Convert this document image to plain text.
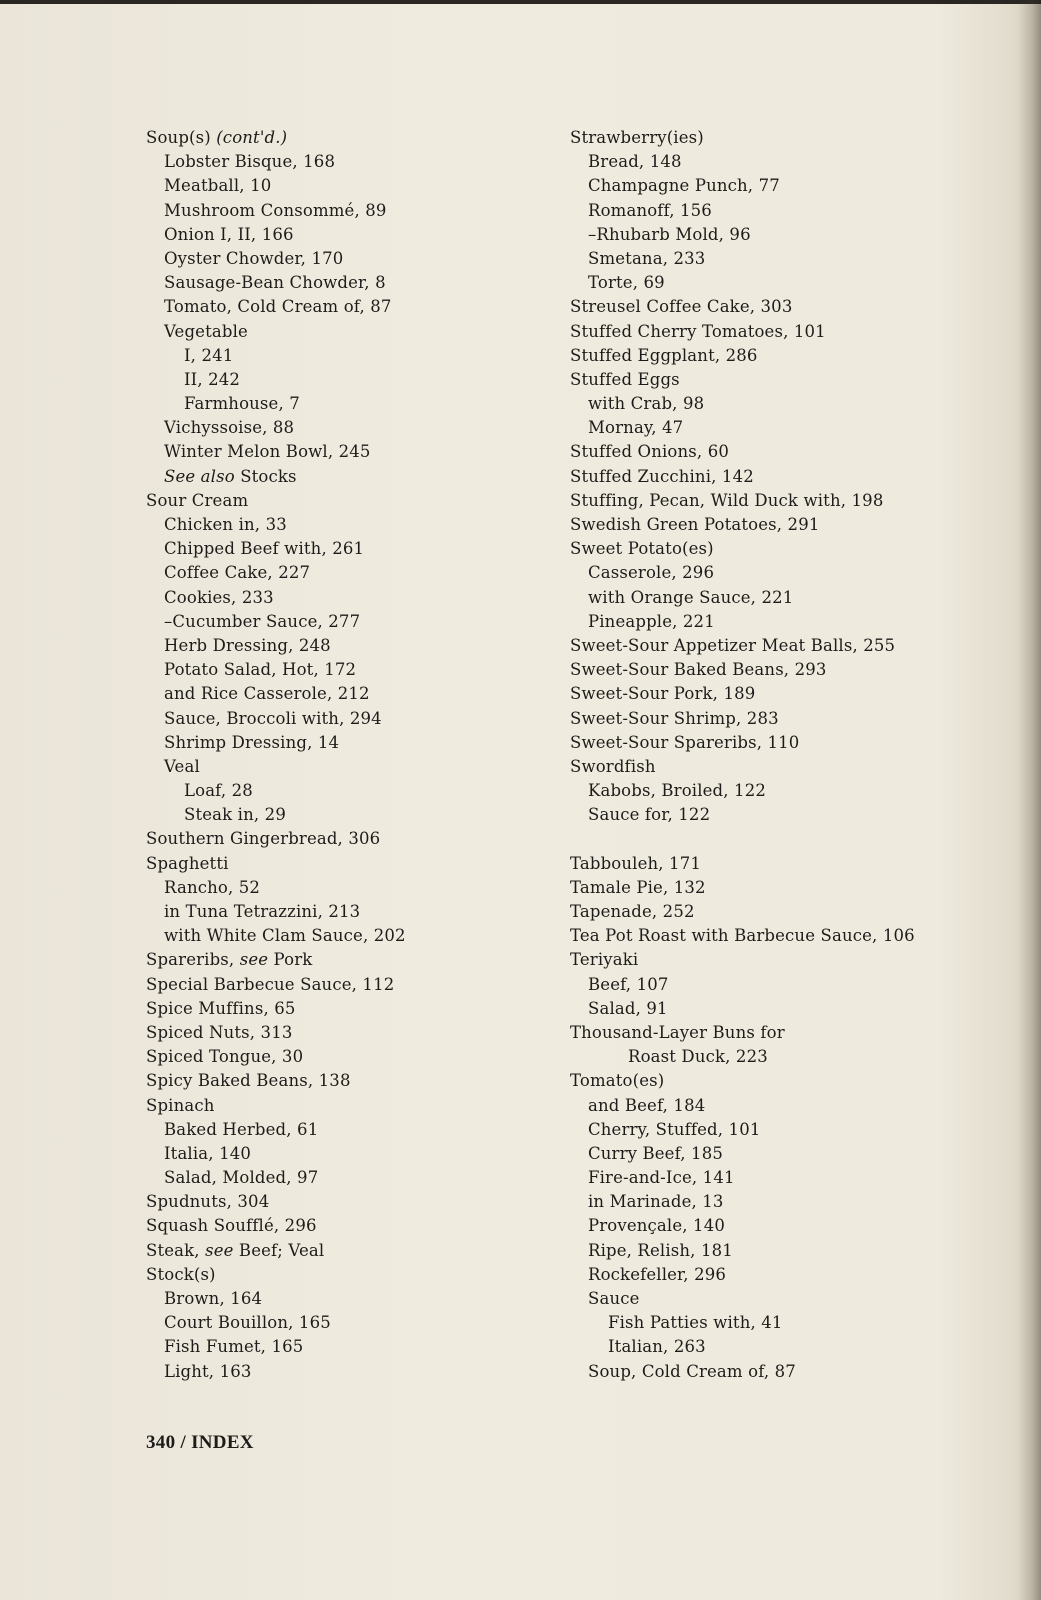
Soup(s) (cont'd.)
Lobster Bisque, 168
Meatball, 10
Mushroom Consommé, 89
Onion I, II, 166
Oyster Chowder, 170
Sausage-Bean Chowder, 8
Tomato, Cold Cream of, 87
Vegetable
I, 241
II, 242
Farmhouse, 7
Vichyssoise, 88
Winter Melon Bowl, 245
See also Stocks
Sour Cream
Chicken in, 33
Chipped Beef with, 261
Coffee Cake, 227
Cookies, 233
–Cucumber Sauce, 277
Herb Dressing, 248
Potato Salad, Hot, 172
and Rice Casserole, 212
Sauce, Broccoli with, 294
Shrimp Dressing, 14
Veal
Loaf, 28
Steak in, 29
Southern Gingerbread, 306
Spaghetti
Rancho, 52
in Tuna Tetrazzini, 213
with White Clam Sauce, 202
Spareribs, see Pork
Special Barbecue Sauce, 112
Spice Muffins, 65
Spiced Nuts, 313
Spiced Tongue, 30
Spicy Baked Beans, 138
Spinach
Baked Herbed, 61
Italia, 140
Salad, Molded, 97
Spudnuts, 304
Squash Soufflé, 296
Steak, see Beef; Veal
Stock(s)
Brown, 164
Court Bouillon, 165
Fish Fumet, 165
Light, 163
Strawberry(ies)
Bread, 148
Champagne Punch, 77
Romanoff, 156
–Rhubarb Mold, 96
Smetana, 233
Torte, 69
Streusel Coffee Cake, 303
Stuffed Cherry Tomatoes, 101
Stuffed Eggplant, 286
Stuffed Eggs
with Crab, 98
Mornay, 47
Stuffed Onions, 60
Stuffed Zucchini, 142
Stuffing, Pecan, Wild Duck with, 198
Swedish Green Potatoes, 291
Sweet Potato(es)
Casserole, 296
with Orange Sauce, 221
Pineapple, 221
Sweet-Sour Appetizer Meat Balls, 255
Sweet-Sour Baked Beans, 293
Sweet-Sour Pork, 189
Sweet-Sour Shrimp, 283
Sweet-Sour Spareribs, 110
Swordfish
Kabobs, Broiled, 122
Sauce for, 122
Tabbouleh, 171
Tamale Pie, 132
Tapenade, 252
Tea Pot Roast with Barbecue Sauce, 106
Teriyaki
Beef, 107
Salad, 91
Thousand-Layer Buns for
Roast Duck, 223
Tomato(es)
and Beef, 184
Cherry, Stuffed, 101
Curry Beef, 185
Fire-and-Ice, 141
in Marinade, 13
Provençale, 140
Ripe, Relish, 181
Rockefeller, 296
Sauce
Fish Patties with, 41
Italian, 263
Soup, Cold Cream of, 87
340 / INDEX
